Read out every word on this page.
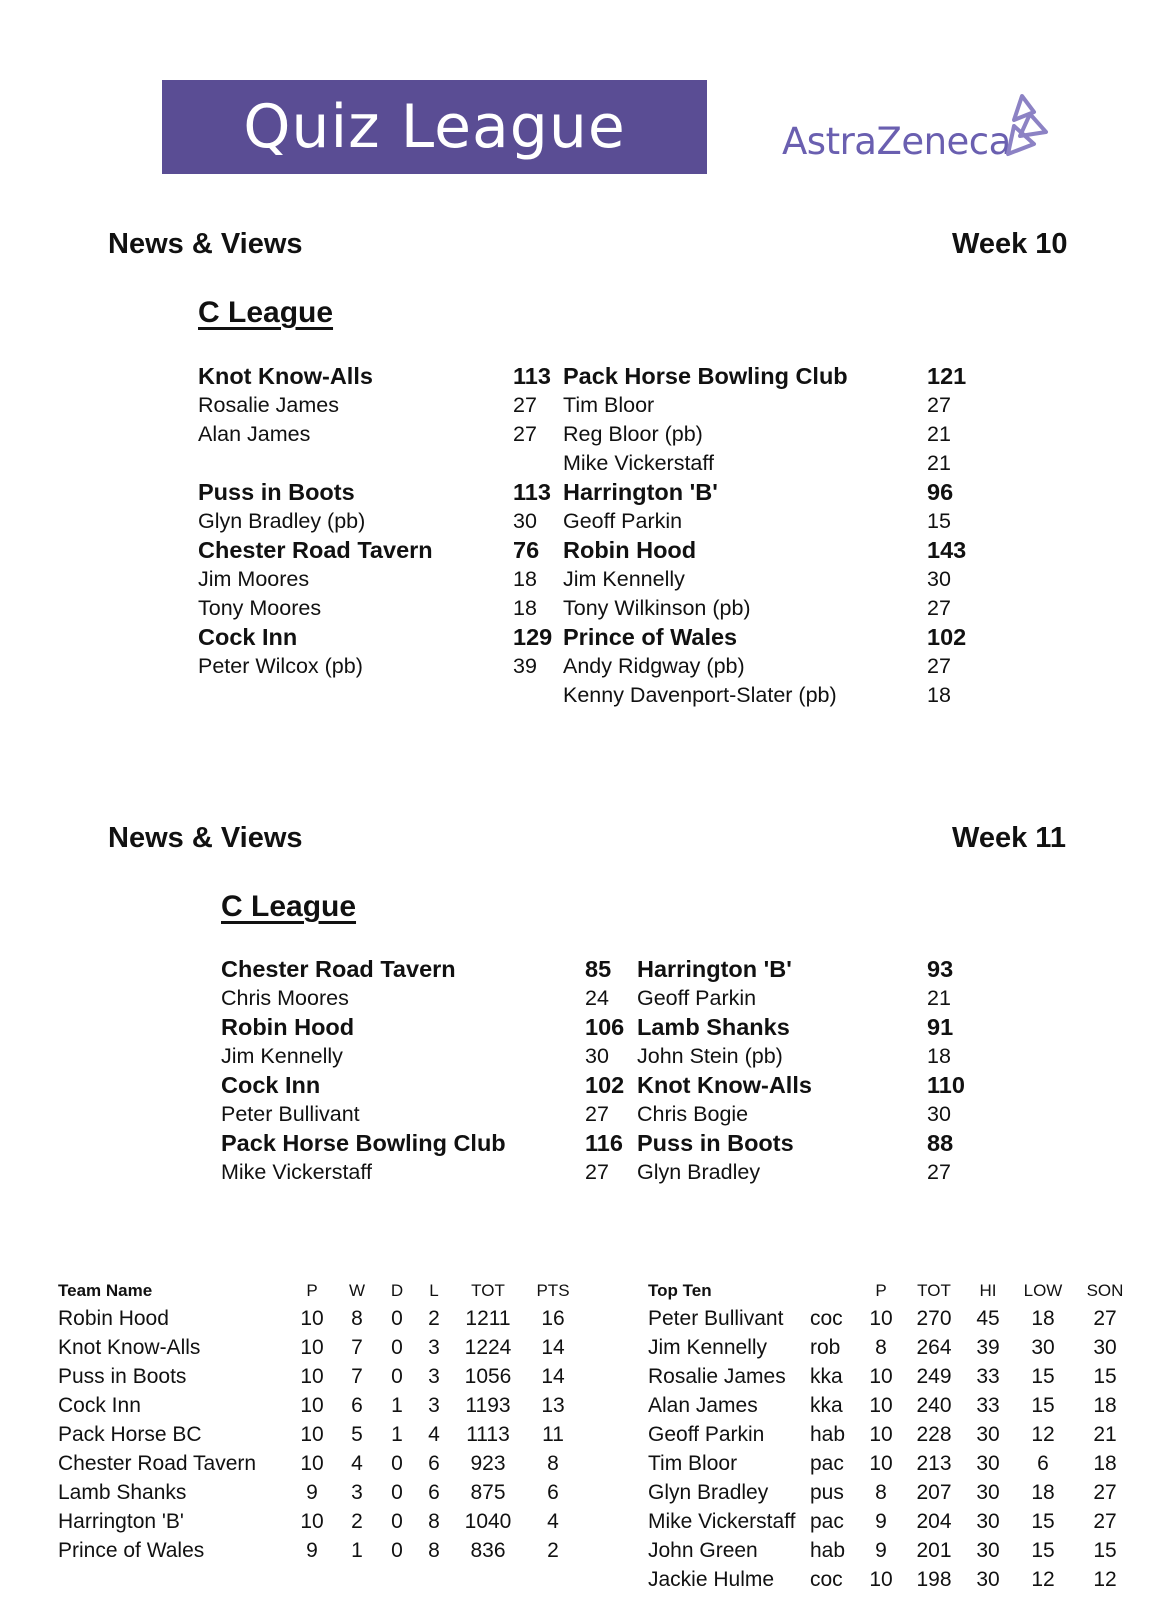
Quiz League	AstraZeneca
News & Views	Week 10
C League
Knot Know-Alls	113
Rosalie James	27
Alan James	27
Puss in Boots	113
Glyn Bradley (pb)	30
Chester Road Tavern	76
Jim Moores	18
Tony Moores	18
Cock Inn	129
Peter Wilcox (pb)	39
Pack Horse Bowling Club	121
Tim Bloor	27
Reg Bloor (pb)	21
Mike Vickerstaff	21
Harrington 'B'	96
Geoff Parkin	15
Robin Hood	143
Jim Kennelly	30
Tony Wilkinson (pb)	27
Prince of Wales	102
Andy Ridgway (pb)	27
Kenny Davenport-Slater (pb)	18
News & Views	Week 11
C League
Chester Road Tavern	85
Chris Moores	24
Robin Hood	106
Jim Kennelly	30
Cock Inn	102
Peter Bullivant	27
Pack Horse Bowling Club	116
Mike Vickerstaff	27
Harrington 'B'	93
Geoff Parkin	21
Lamb Shanks	91
John Stein (pb)	18
Knot Know-Alls	110
Chris Bogie	30
Puss in Boots	88
Glyn Bradley	27
Team Name	P	W	D	L	TOT	PTS
Robin Hood	10	8	0	2	1211	16
Knot Know-Alls	10	7	0	3	1224	14
Puss in Boots	10	7	0	3	1056	14
Cock Inn	10	6	1	3	1193	13
Pack Horse BC	10	5	1	4	1113	11
Chester Road Tavern	10	4	0	6	923	8
Lamb Shanks	9	3	0	6	875	6
Harrington 'B'	10	2	0	8	1040	4
Prince of Wales	9	1	0	8	836	2
Top Ten		P	TOT	HI	LOW	SON
Peter Bullivant	coc	10	270	45	18	27
Jim Kennelly	rob	8	264	39	30	30
Rosalie James	kka	10	249	33	15	15
Alan James	kka	10	240	33	15	18
Geoff Parkin	hab	10	228	30	12	21
Tim Bloor	pac	10	213	30	6	18
Glyn Bradley	pus	8	207	30	18	27
Mike Vickerstaff	pac	9	204	30	15	27
John Green	hab	9	201	30	15	15
Jackie Hulme	coc	10	198	30	12	12
